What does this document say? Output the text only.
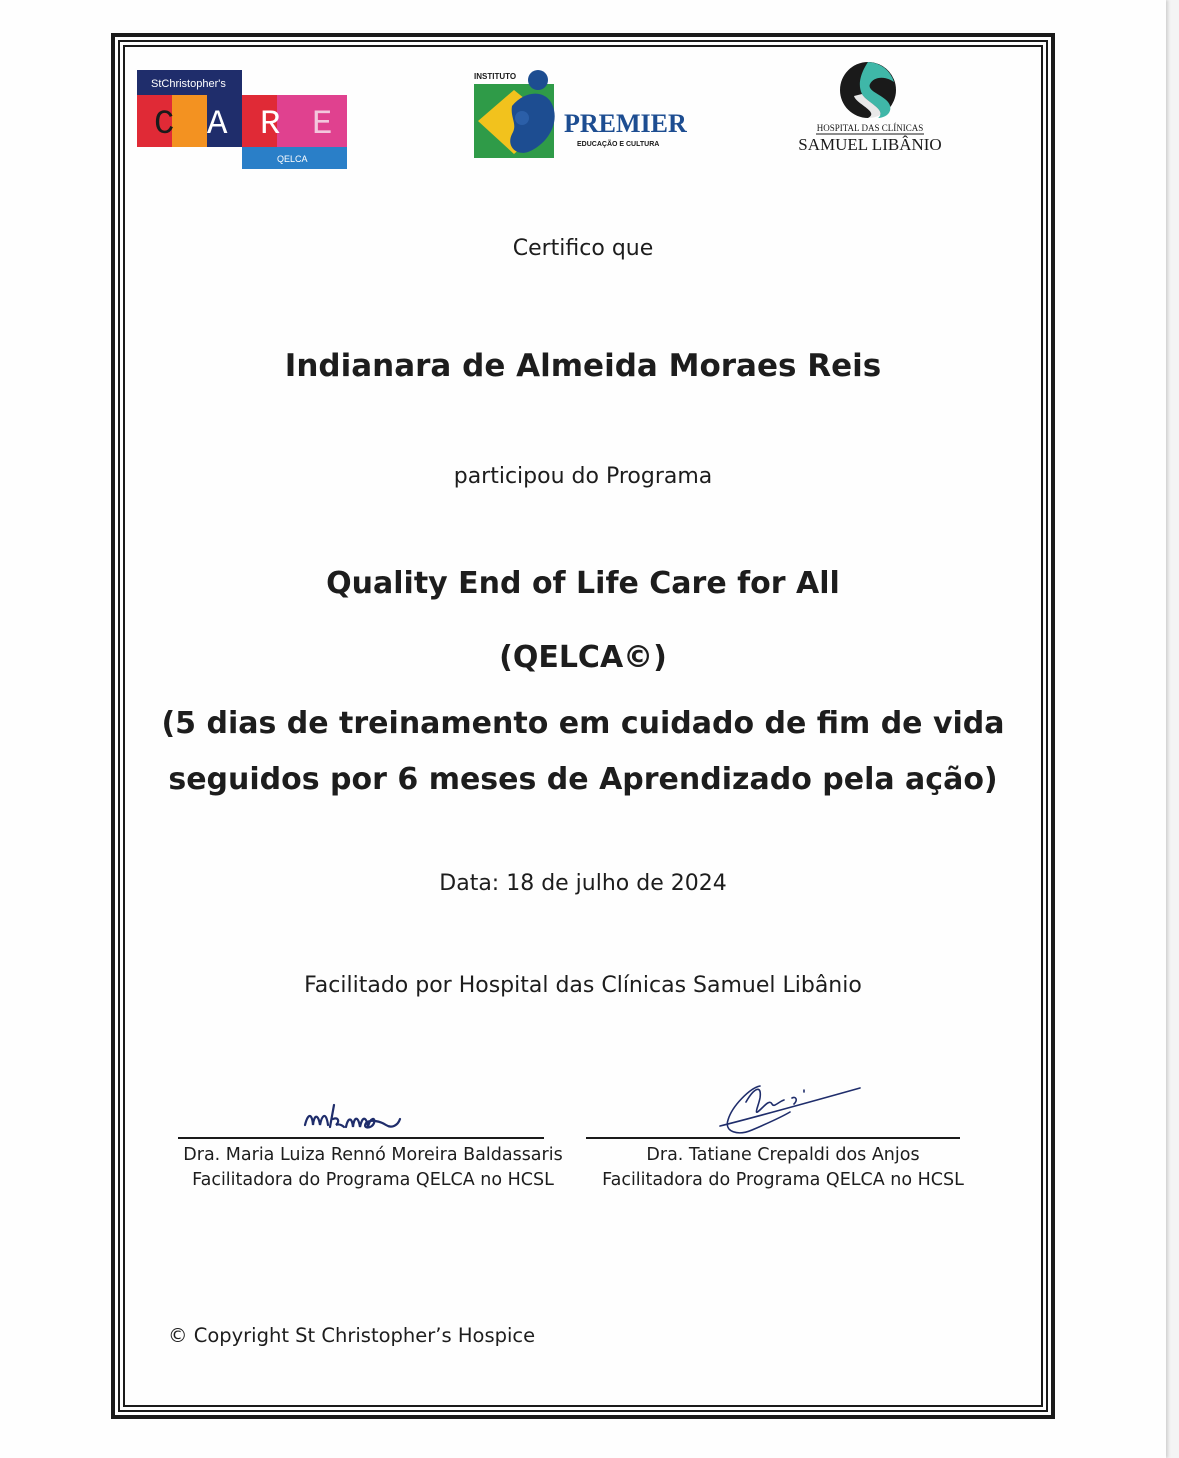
StChristopher's
C A R E
QELCA
INSTITUTO
PREMIER
EDUCAÇÃO E CULTURA
HOSPITAL DAS CLÍNICAS
SAMUEL LIBÂNIO
Certifico que
Indianara de Almeida Moraes Reis
participou do Programa
Quality End of Life Care for All
(QELCA©)
(5 dias de treinamento em cuidado de fim de vida
seguidos por 6 meses de Aprendizado pela ação)
Data: 18 de julho de 2024
Facilitado por Hospital das Clínicas Samuel Libânio
Dra. Maria Luiza Rennó Moreira Baldassaris
Facilitadora do Programa QELCA no HCSL
Dra. Tatiane Crepaldi dos Anjos
Facilitadora do Programa QELCA no HCSL
© Copyright St Christopher’s Hospice
